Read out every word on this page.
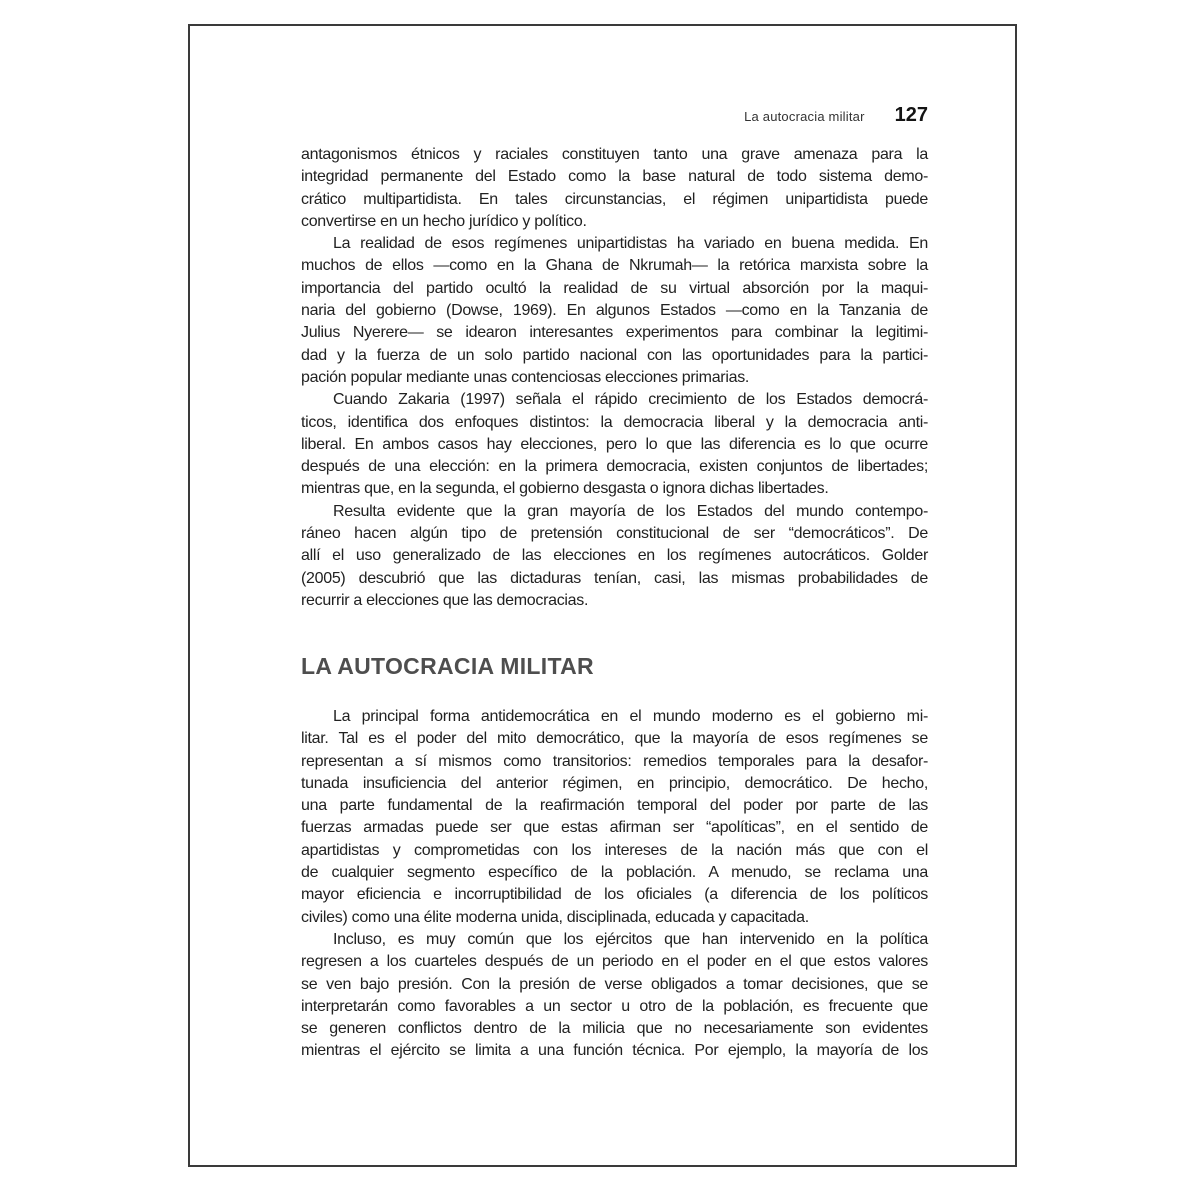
La autocracia militar 127
antagonismos étnicos y raciales constituyen tanto una grave amenaza para la
integridad permanente del Estado como la base natural de todo sistema demo-
crático multipartidista. En tales circunstancias, el régimen unipartidista puede
convertirse en un hecho jurídico y político.
La realidad de esos regímenes unipartidistas ha variado en buena medida. En
muchos de ellos —como en la Ghana de Nkrumah— la retórica marxista sobre la
importancia del partido ocultó la realidad de su virtual absorción por la maqui-
naria del gobierno (Dowse, 1969). En algunos Estados —como en la Tanzania de
Julius Nyerere— se idearon interesantes experimentos para combinar la legitimi-
dad y la fuerza de un solo partido nacional con las oportunidades para la partici-
pación popular mediante unas contenciosas elecciones primarias.
Cuando Zakaria (1997) señala el rápido crecimiento de los Estados democrá-
ticos, identifica dos enfoques distintos: la democracia liberal y la democracia anti-
liberal. En ambos casos hay elecciones, pero lo que las diferencia es lo que ocurre
después de una elección: en la primera democracia, existen conjuntos de libertades;
mientras que, en la segunda, el gobierno desgasta o ignora dichas libertades.
Resulta evidente que la gran mayoría de los Estados del mundo contempo-
ráneo hacen algún tipo de pretensión constitucional de ser “democráticos”. De
allí el uso generalizado de las elecciones en los regímenes autocráticos. Golder
(2005) descubrió que las dictaduras tenían, casi, las mismas probabilidades de
recurrir a elecciones que las democracias.
LA AUTOCRACIA MILITAR
La principal forma antidemocrática en el mundo moderno es el gobierno mi-
litar. Tal es el poder del mito democrático, que la mayoría de esos regímenes se
representan a sí mismos como transitorios: remedios temporales para la desafor-
tunada insuficiencia del anterior régimen, en principio, democrático. De hecho,
una parte fundamental de la reafirmación temporal del poder por parte de las
fuerzas armadas puede ser que estas afirman ser “apolíticas”, en el sentido de
apartidistas y comprometidas con los intereses de la nación más que con el
de cualquier segmento específico de la población. A menudo, se reclama una
mayor eficiencia e incorruptibilidad de los oficiales (a diferencia de los políticos
civiles) como una élite moderna unida, disciplinada, educada y capacitada.
Incluso, es muy común que los ejércitos que han intervenido en la política
regresen a los cuarteles después de un periodo en el poder en el que estos valores
se ven bajo presión. Con la presión de verse obligados a tomar decisiones, que se
interpretarán como favorables a un sector u otro de la población, es frecuente que
se generen conflictos dentro de la milicia que no necesariamente son evidentes
mientras el ejército se limita a una función técnica. Por ejemplo, la mayoría de los
